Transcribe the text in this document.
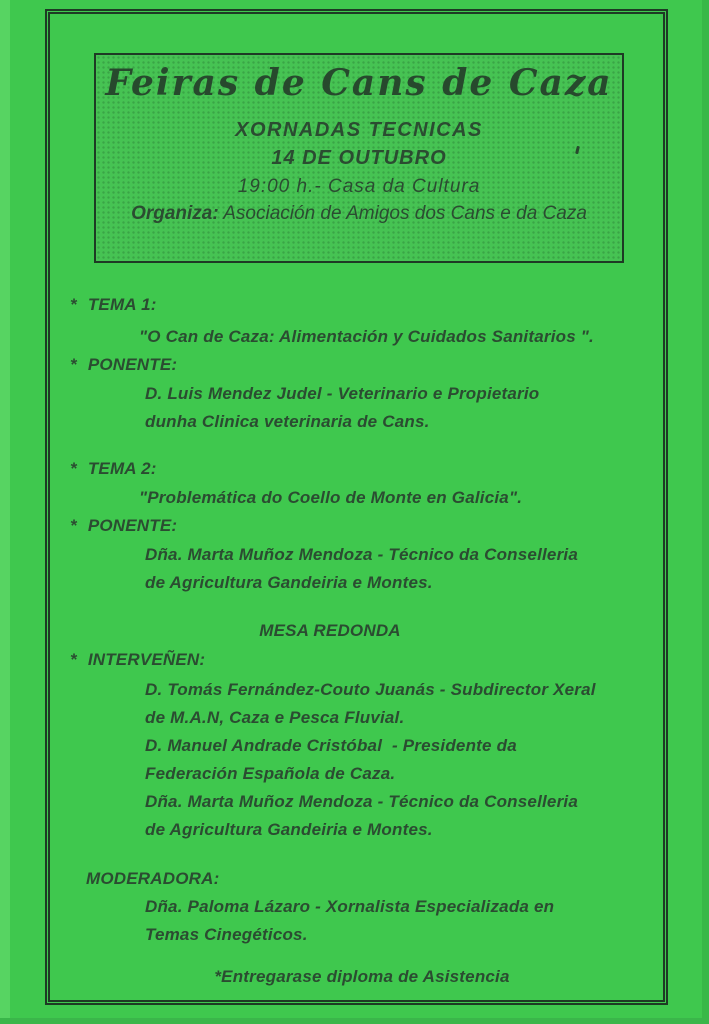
Feiras de Cans de Caza
XORNADAS TECNICAS
14 DE OUTUBRO
19:00 h.- Casa da Cultura
Organiza: Asociación de Amigos dos Cans e da Caza
* TEMA 1:
"O Can de Caza: Alimentación y Cuidados Sanitarios ".
* PONENTE:
D. Luis Mendez Judel - Veterinario e Propietario
dunha Clinica veterinaria de Cans.
* TEMA 2:
"Problemática do Coello de Monte en Galicia".
* PONENTE:
Dña. Marta Muñoz Mendoza - Técnico da Conselleria
de Agricultura Gandeiria e Montes.
MESA REDONDA
* INTERVEÑEN:
D. Tomás Fernández-Couto Juanás - Subdirector Xeral
de M.A.N, Caza e Pesca Fluvial.
D. Manuel Andrade Cristóbal  - Presidente da
Federación Española de Caza.
Dña. Marta Muñoz Mendoza - Técnico da Conselleria
de Agricultura Gandeiria e Montes.
MODERADORA:
Dña. Paloma Lázaro - Xornalista Especializada en
Temas Cinegéticos.
*Entregarase diploma de Asistencia
